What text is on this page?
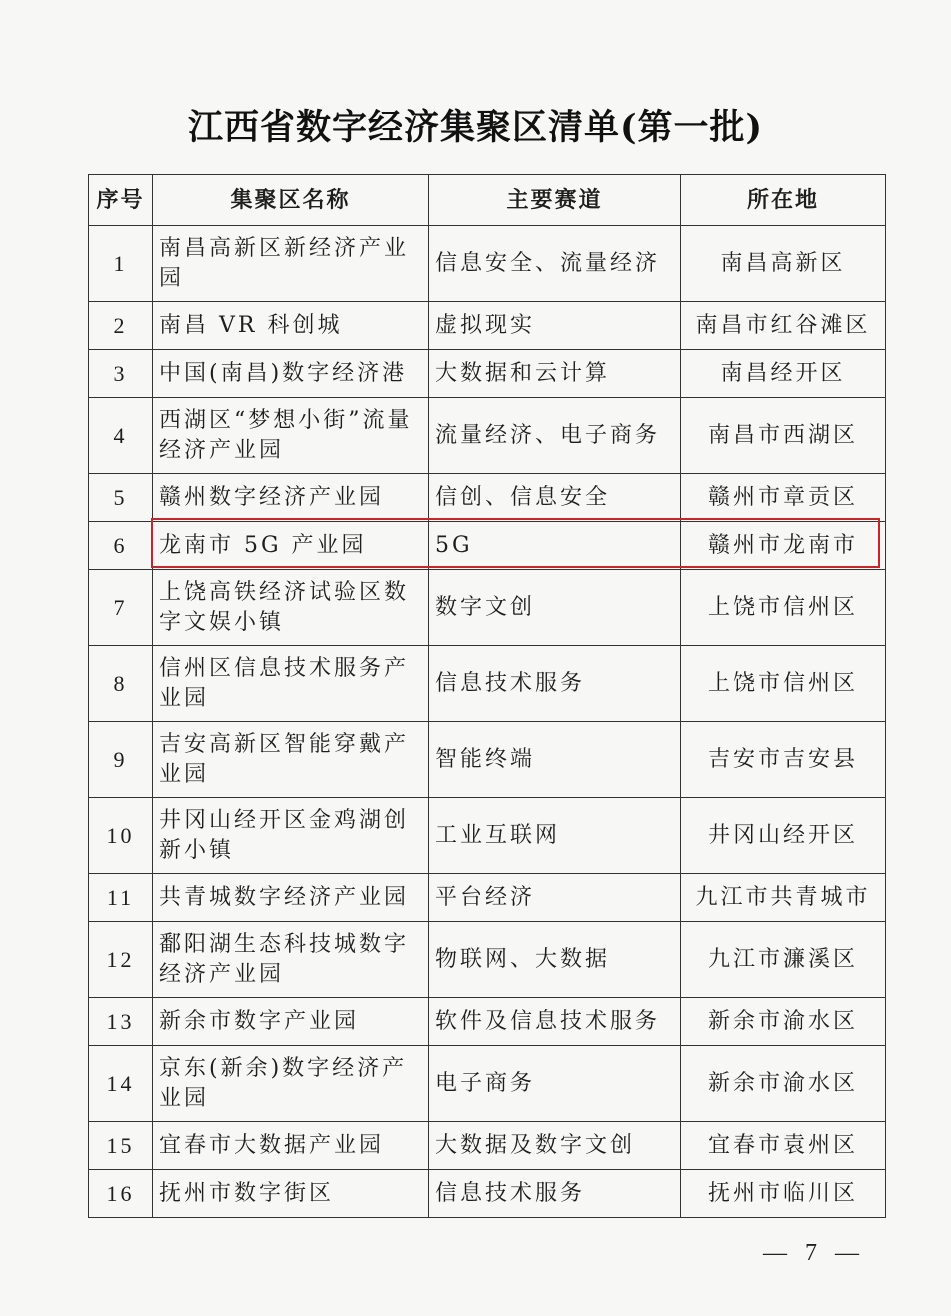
江西省数字经济集聚区清单(第一批)
序号	集聚区名称	主要赛道	所在地
1	南昌高新区新经济产业园	信息安全、流量经济	南昌高新区
2	南昌 VR 科创城	虚拟现实	南昌市红谷滩区
3	中国(南昌)数字经济港	大数据和云计算	南昌经开区
4	西湖区“梦想小街”流量经济产业园	流量经济、电子商务	南昌市西湖区
5	赣州数字经济产业园	信创、信息安全	赣州市章贡区
6	龙南市 5G 产业园	5G	赣州市龙南市
7	上饶高铁经济试验区数字文娱小镇	数字文创	上饶市信州区
8	信州区信息技术服务产业园	信息技术服务	上饶市信州区
9	吉安高新区智能穿戴产业园	智能终端	吉安市吉安县
10	井冈山经开区金鸡湖创新小镇	工业互联网	井冈山经开区
11	共青城数字经济产业园	平台经济	九江市共青城市
12	鄱阳湖生态科技城数字经济产业园	物联网、大数据	九江市濂溪区
13	新余市数字产业园	软件及信息技术服务	新余市渝水区
14	京东(新余)数字经济产业园	电子商务	新余市渝水区
15	宜春市大数据产业园	大数据及数字文创	宜春市袁州区
16	抚州市数字街区	信息技术服务	抚州市临川区
— 7 —
